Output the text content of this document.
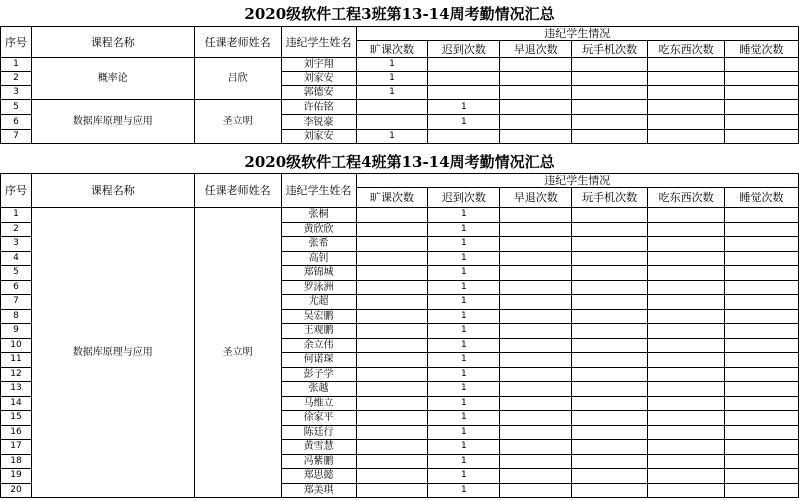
2020级软件工程3班第13-14周考勤情况汇总
序号	课程名称	任课老师姓名	违纪学生姓名	违纪学生情况					
				旷课次数	迟到次数	早退次数	玩手机次数	吃东西次数	睡觉次数
1	概率论	吕欣	刘宇翔	1					
2			刘家安	1					
3			郭德安	1					
5	数据库原理与应用	圣立明	许佑铭		1				
6			李锐豪		1				
7			刘家安	1					
2020级软件工程4班第13-14周考勤情况汇总
序号	课程名称	任课老师姓名	违纪学生姓名	违纪学生情况					
				旷课次数	迟到次数	早退次数	玩手机次数	吃东西次数	睡觉次数
1	数据库原理与应用	圣立明	张桐		1				
2			黄欣欣		1				
3			张希		1				
4			高钊		1				
5			郑锦城		1				
6			罗泳洲		1				
7			尤超		1				
8			吴宏鹏		1				
9			王观鹏		1				
10			余立伟		1				
11			何诺琛		1				
12			彭子学		1				
13			张越		1				
14			马维立		1				
15			徐家平		1				
16			陈廷行		1				
17			黄雪慧		1				
18			冯紫鹏		1				
19			郑思懿		1				
20			郑美琪		1				
